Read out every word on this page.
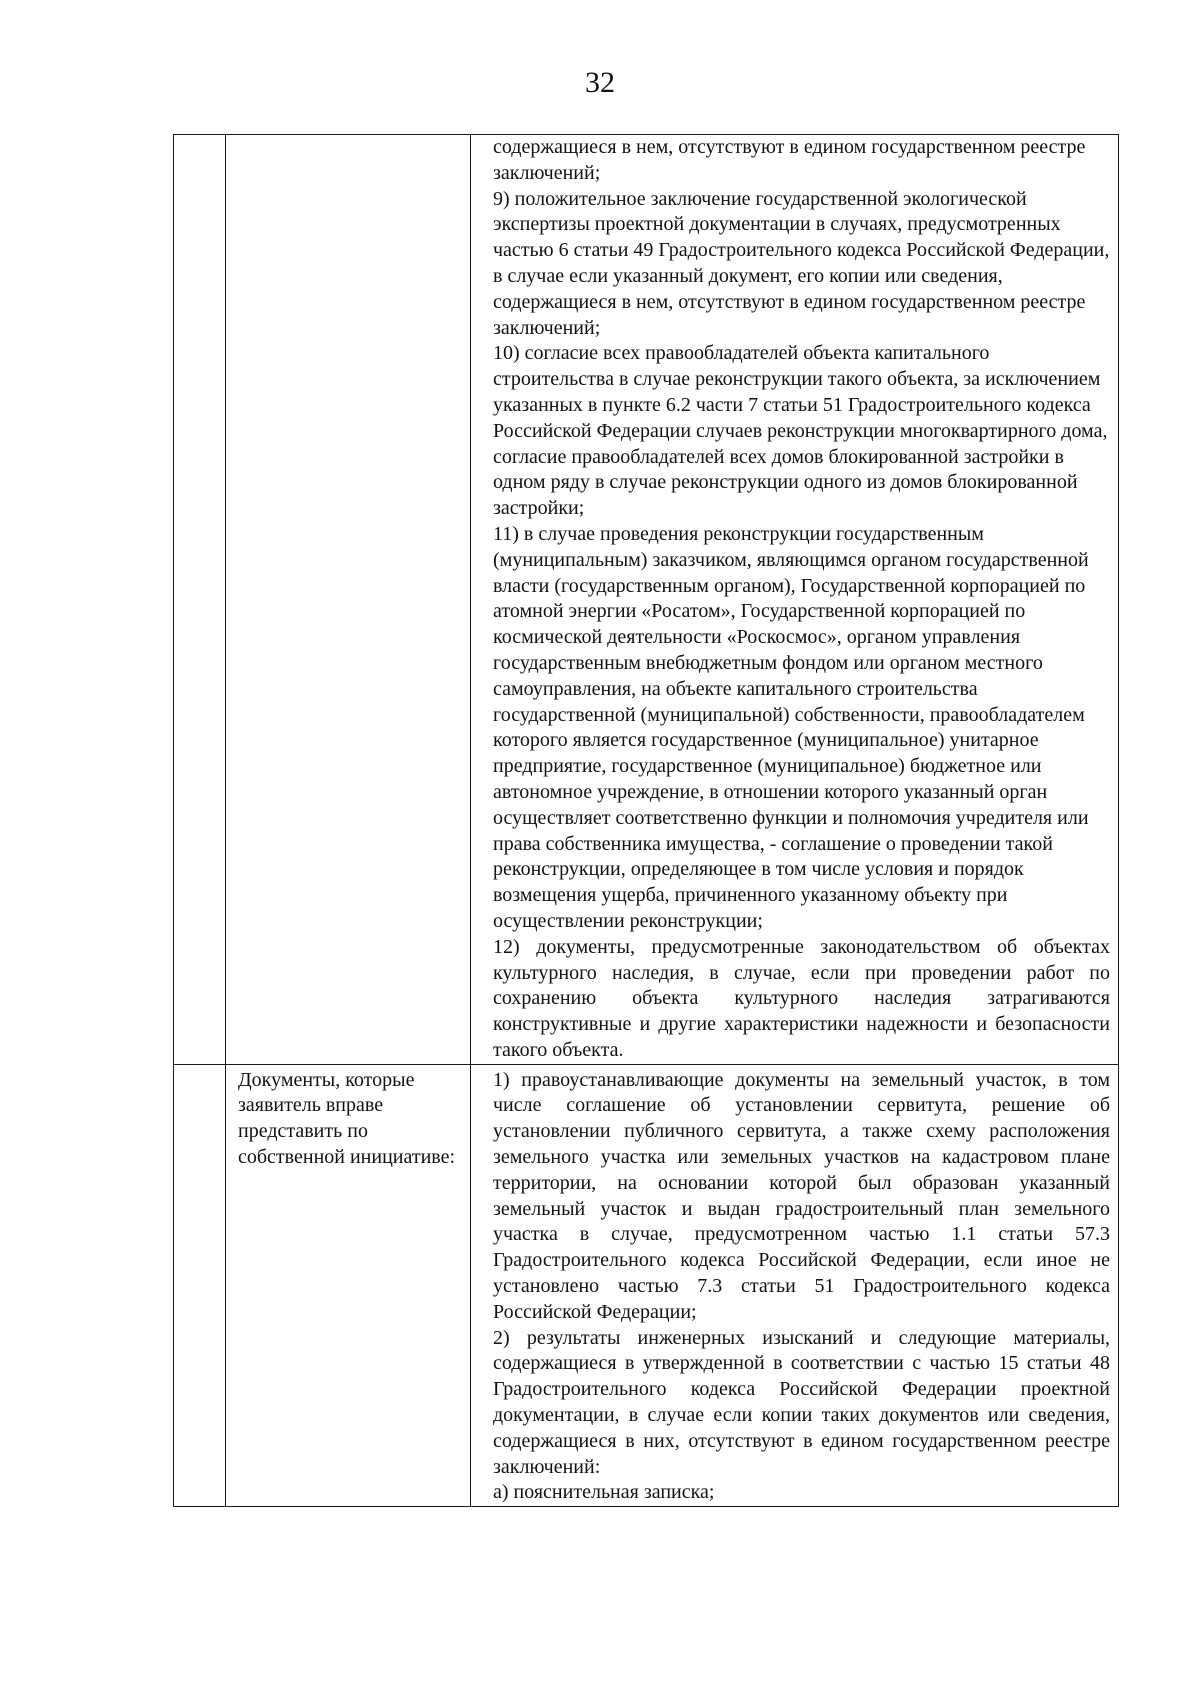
32

		содержащиеся в нем, отсутствуют в едином государственном реестре заключений;

9) положительное заключение государственной экологической экспертизы проектной документации в случаях, предусмотренных частью 6 статьи 49 Градостроительного кодекса Российской Федерации, в случае если указанный документ, его копии или сведения, содержащиеся в нем, отсутствуют в едином государственном реестре заключений;

10) согласие всех правообладателей объекта капитального строительства в случае реконструкции такого объекта, за исключением указанных в пункте 6.2 части 7 статьи 51 Градостроительного кодекса Российской Федерации случаев реконструкции многоквартирного дома, согласие правообладателей всех домов блокированной застройки в одном ряду в случае реконструкции одного из домов блокированной застройки;

11) в случае проведения реконструкции государственным (муниципальным) заказчиком, являющимся органом государственной власти (государственным органом), Государственной корпорацией по атомной энергии «Росатом», Государственной корпорацией по космической деятельности «Роскосмос», органом управления государственным внебюджетным фондом или органом местного самоуправления, на объекте капитального строительства государственной (муниципальной) собственности, правообладателем которого является государственное (муниципальное) унитарное предприятие, государственное (муниципальное) бюджетное или автономное учреждение, в отношении которого указанный орган осуществляет соответственно функции и полномочия учредителя или права собственника имущества, - соглашение о проведении такой реконструкции, определяющее в том числе условия и порядок возмещения ущерба, причиненного указанному объекту при осуществлении реконструкции;

12) документы, предусмотренные законодательством об объектах культурного наследия, в случае, если при проведении работ по сохранению объекта культурного наследия затрагиваются конструктивные и другие характеристики надежности и безопасности такого объекта.

	Документы, которые заявитель вправе представить по собственной инициативе:	1) правоустанавливающие документы на земельный участок, в том числе соглашение об установлении сервитута, решение об установлении публичного сервитута, а также схему расположения земельного участка или земельных участков на кадастровом плане территории, на основании которой был образован указанный земельный участок и выдан градостроительный план земельного участка в случае, предусмотренном частью 1.1 статьи 57.3 Градостроительного кодекса Российской Федерации, если иное не установлено частью 7.3 статьи 51 Градостроительного кодекса Российской Федерации;

2) результаты инженерных изысканий и следующие материалы, содержащиеся в утвержденной в соответствии с частью 15 статьи 48 Градостроительного кодекса Российской Федерации проектной документации, в случае если копии таких документов или сведения, содержащиеся в них, отсутствуют в едином государственном реестре заключений:

а) пояснительная записка;
